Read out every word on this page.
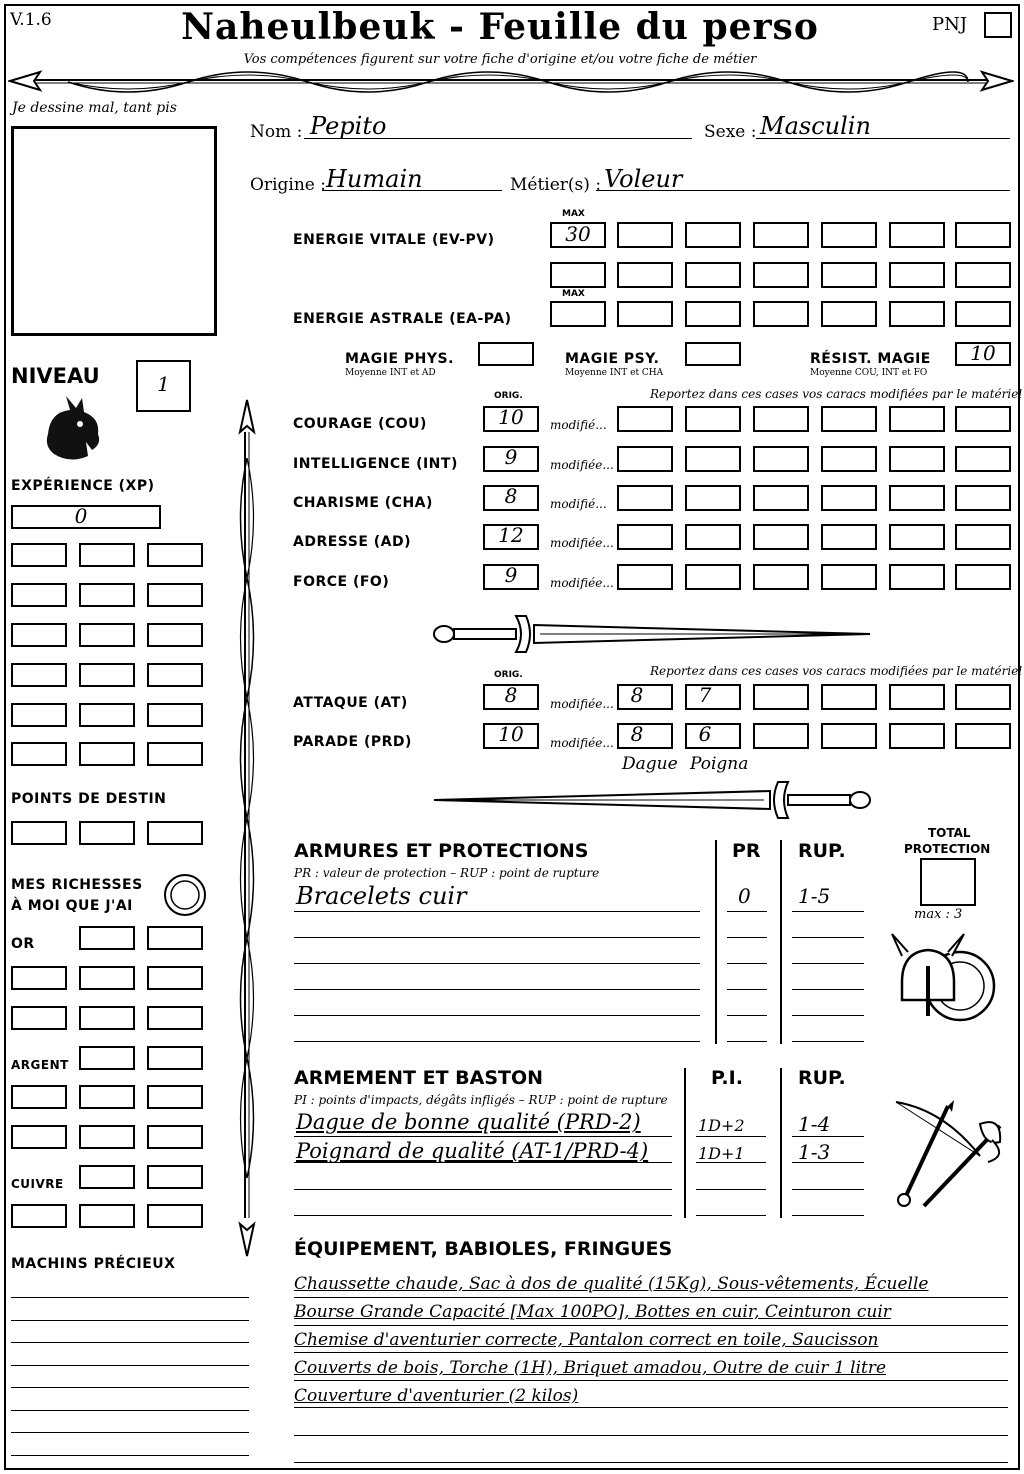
V.1.6	Naheulbeuk - Feuille du perso
Vos compétences figurent sur votre fiche d'origine et/ou votre fiche de métier
PNJ
Je dessine mal, tant pis
Nom : Pepito	Sexe : Masculin
Origine : Humain	Métier(s) : Voleur
MAX
ENERGIE VITALE (EV-PV)	30
MAX
ENERGIE ASTRALE (EA-PA)
MAGIE PHYS.
Moyenne INT et AD
MAGIE PSY.
Moyenne INT et CHA
RÉSIST. MAGIE
Moyenne COU, INT et FO
10
ORIG.	Reportez dans ces cases vos caracs modifiées par le matériel
ORIG.	Reportez dans ces cases vos caracs modifiées par le matériel
Dague Poigna
NIVEAU	1
EXPÉRIENCE (XP)
0
POINTS DE DESTIN
MES RICHESSES
À MOI QUE J'AI
OR
ARGENT
CUIVRE
MACHINS PRÉCIEUX
ARMURES ET PROTECTIONS
PR : valeur de protection – RUP : point de rupture
PR RUP.
Bracelets cuir	0 1-5
TOTAL
PROTECTION
max : 3
ARMEMENT ET BASTON
PI : points d'impacts, dégâts infligés – RUP : point de rupture
P.I.	RUP.
Dague de bonne qualité (PRD-2)	1D+2	1-4
Poignard de qualité (AT-1/PRD-4)	1D+1	1-3
ÉQUIPEMENT, BABIOLES, FRINGUES
Chaussette chaude, Sac à dos de qualité (15Kg), Sous-vêtements, Écuelle
Bourse Grande Capacité [Max 100PO], Bottes en cuir, Ceinturon cuir
Chemise d'aventurier correcte, Pantalon correct en toile, Saucisson
Couverts de bois, Torche (1H), Briquet amadou, Outre de cuir 1 litre
Couverture d'aventurier (2 kilos)
COURAGE (COU)	10	modifié...
INTELLIGENCE (INT)	9	modifiée...
CHARISME (CHA)	8	modifié...
ADRESSE (AD)	12	modifiée...
FORCE (FO)	9	modifiée...
ATTAQUE (AT)	8	modifiée... 8	7
PARADE (PRD)	10	modifiée... 8	6
